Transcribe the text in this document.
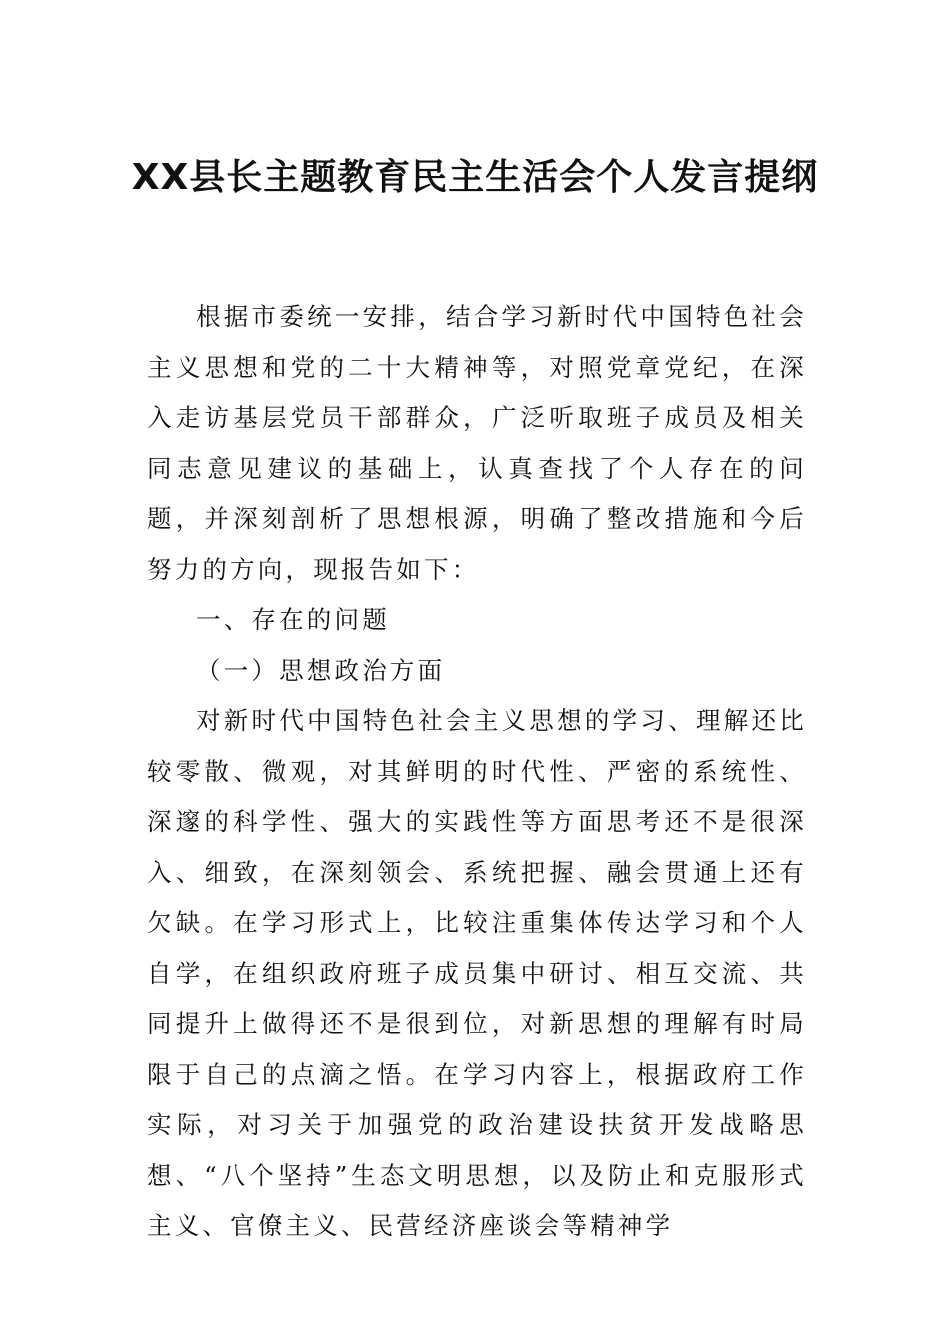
XX县长主题教育民主生活会个人发言提纲

根据市委统一安排，结合学习新时代中国特色社会主义思想和党的二十大精神等，对照党章党纪，在深入走访基层党员干部群众，广泛听取班子成员及相关同志意见建议的基础上，认真查找了个人存在的问题，并深刻剖析了思想根源，明确了整改措施和今后努力的方向，现报告如下：

一、存在的问题

（一）思想政治方面

对新时代中国特色社会主义思想的学习、理解还比较零散、微观，对其鲜明的时代性、严密的系统性、深邃的科学性、强大的实践性等方面思考还不是很深入、细致，在深刻领会、系统把握、融会贯通上还有欠缺。在学习形式上，比较注重集体传达学习和个人自学，在组织政府班子成员集中研讨、相互交流、共同提升上做得还不是很到位，对新思想的理解有时局限于自己的点滴之悟。在学习内容上，根据政府工作实际，对习关于加强党的政治建设扶贫开发战略思想、“八个坚持”生态文明思想，以及防止和克服形式主义、官僚主义、民营经济座谈会等精神学
